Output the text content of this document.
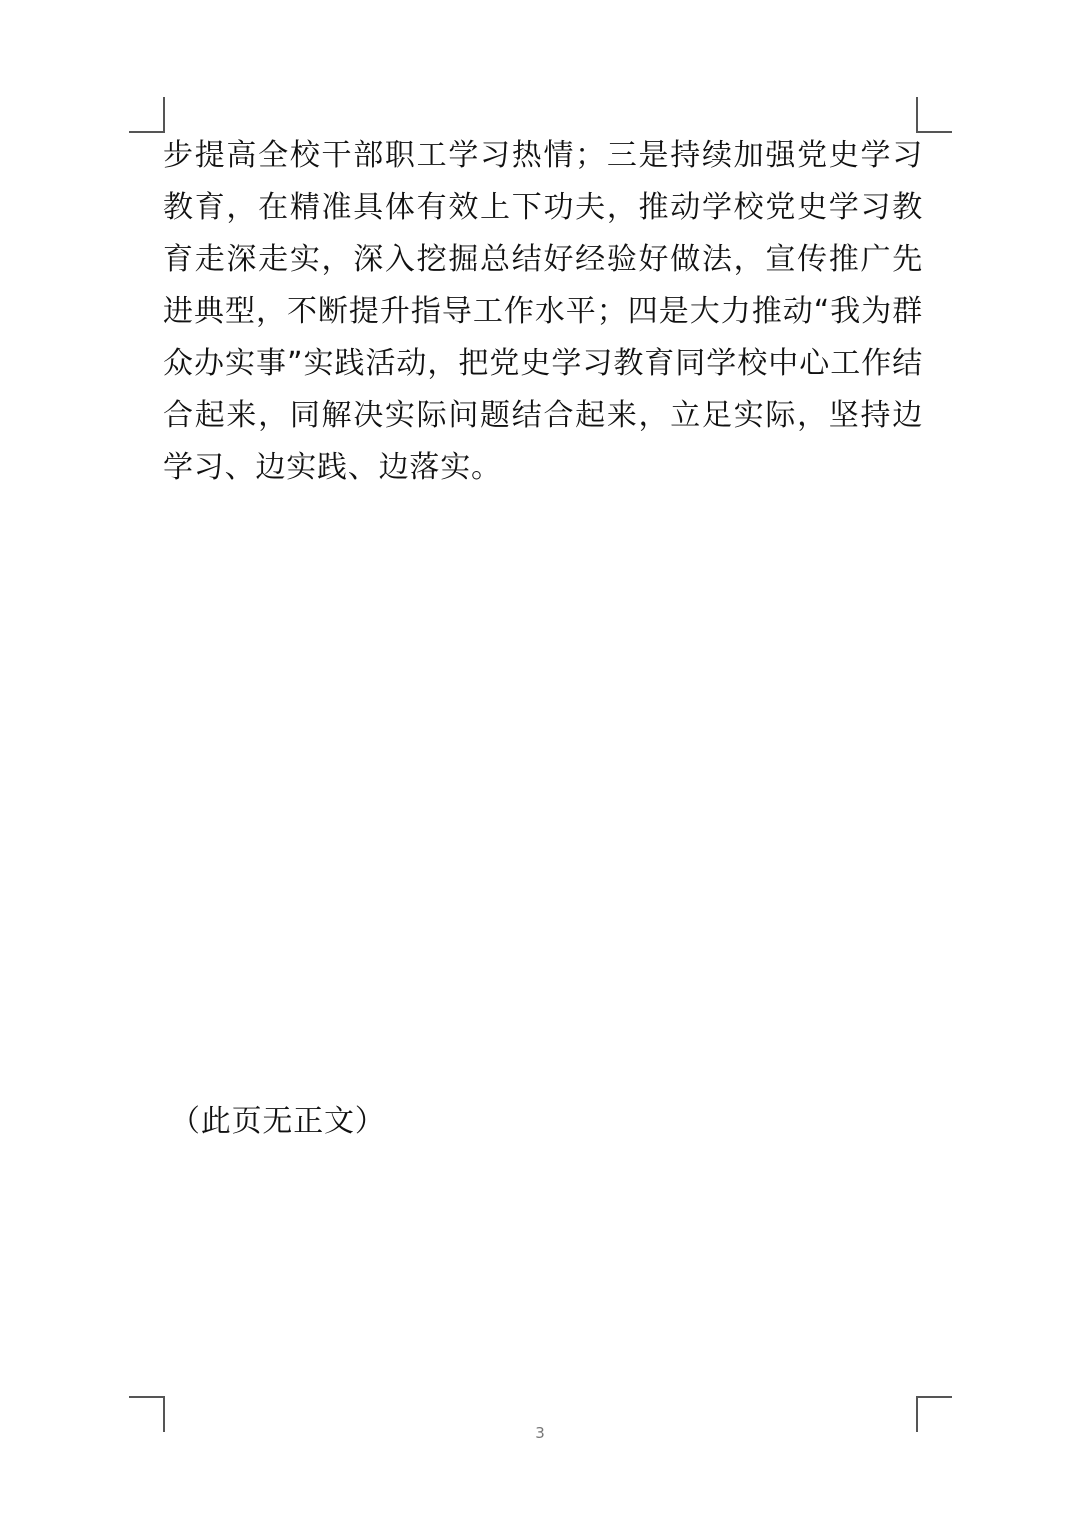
步提高全校干部职工学习热情；三是持续加强党史学习教育，在精准具体有效上下功夫，推动学校党史学习教育走深走实，深入挖掘总结好经验好做法，宣传推广先进典型，不断提升指导工作水平；四是大力推动“我为群众办实事”实践活动，把党史学习教育同学校中心工作结合起来，同解决实际问题结合起来，立足实际，坚持边学习、边实践、边落实。

（此页无正文）

3
